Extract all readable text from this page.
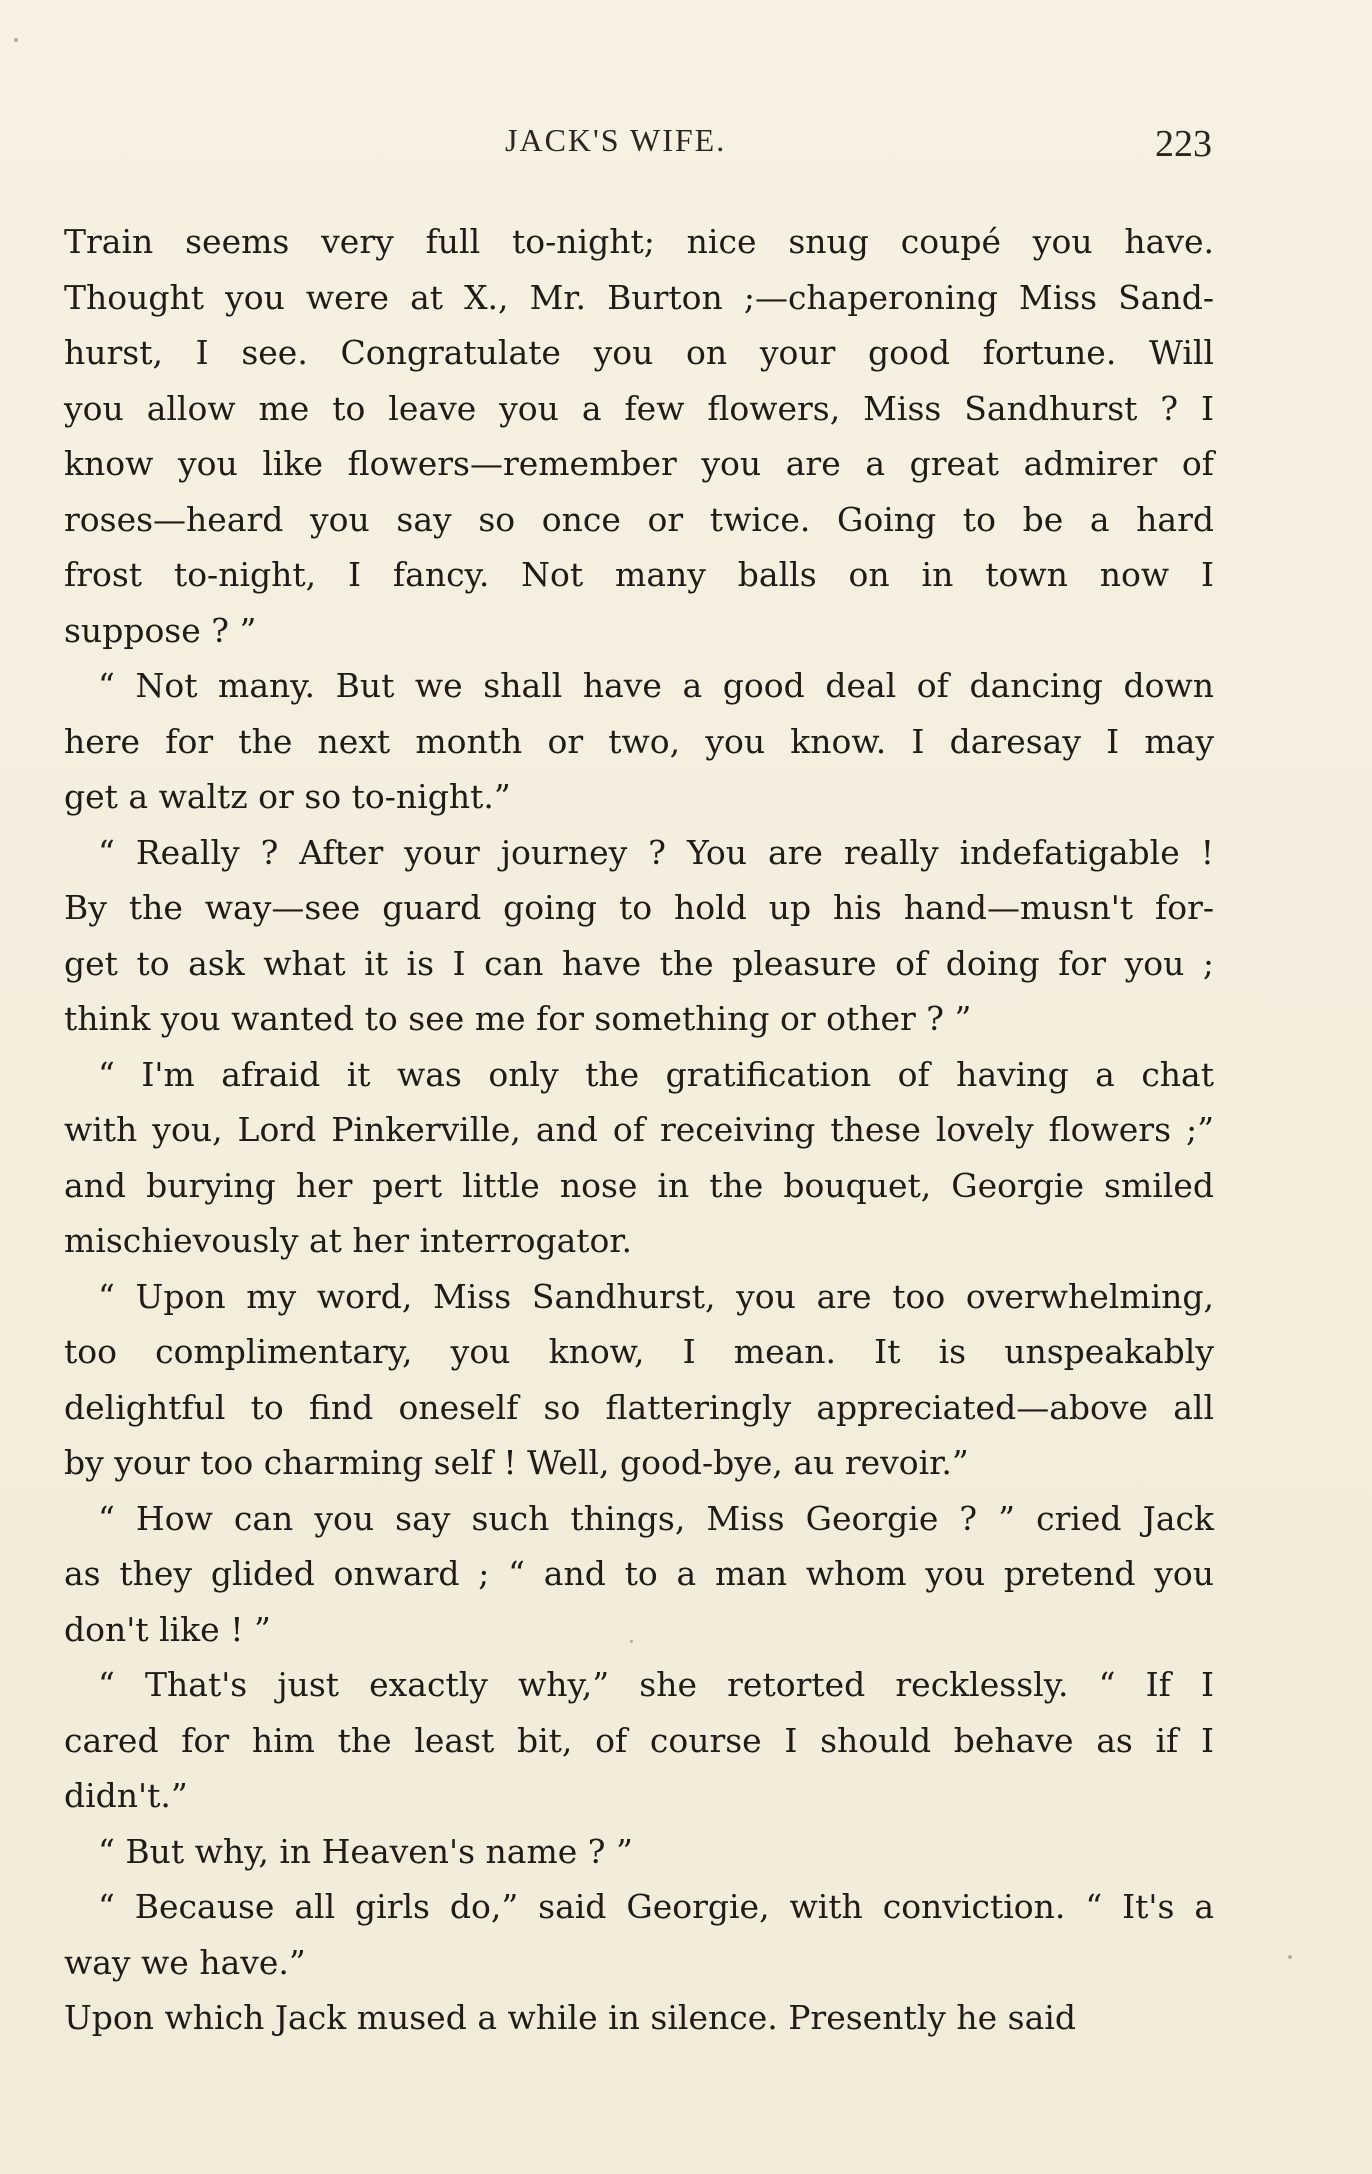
JACK'S WIFE.	223
Train seems very full to-night; nice snug coupé you have.
Thought you were at X., Mr. Burton ;—chaperoning Miss Sand-
hurst, I see. Congratulate you on your good fortune. Will
you allow me to leave you a few flowers, Miss Sandhurst ? I
know you like flowers—remember you are a great admirer of
roses—heard you say so once or twice. Going to be a hard
frost to-night, I fancy. Not many balls on in town now I
suppose ? ”
“ Not many. But we shall have a good deal of dancing down
here for the next month or two, you know. I daresay I may
get a waltz or so to-night.”
“ Really ? After your journey ? You are really indefatigable !
By the way—see guard going to hold up his hand—musn't for-
get to ask what it is I can have the pleasure of doing for you ;
think you wanted to see me for something or other ? ”
“ I'm afraid it was only the gratification of having a chat
with you, Lord Pinkerville, and of receiving these lovely flowers ;”
and burying her pert little nose in the bouquet, Georgie smiled
mischievously at her interrogator.
“ Upon my word, Miss Sandhurst, you are too overwhelming,
too complimentary, you know, I mean. It is unspeakably
delightful to find oneself so flatteringly appreciated—above all
by your too charming self ! Well, good-bye, au revoir.”
“ How can you say such things, Miss Georgie ? ” cried Jack
as they glided onward ; “ and to a man whom you pretend you
don't like ! ”
“ That's just exactly why,” she retorted recklessly. “ If I
cared for him the least bit, of course I should behave as if I
didn't.”
“ But why, in Heaven's name ? ”
“ Because all girls do,” said Georgie, with conviction. “ It's a
way we have.”
Upon which Jack mused a while in silence. Presently he said
